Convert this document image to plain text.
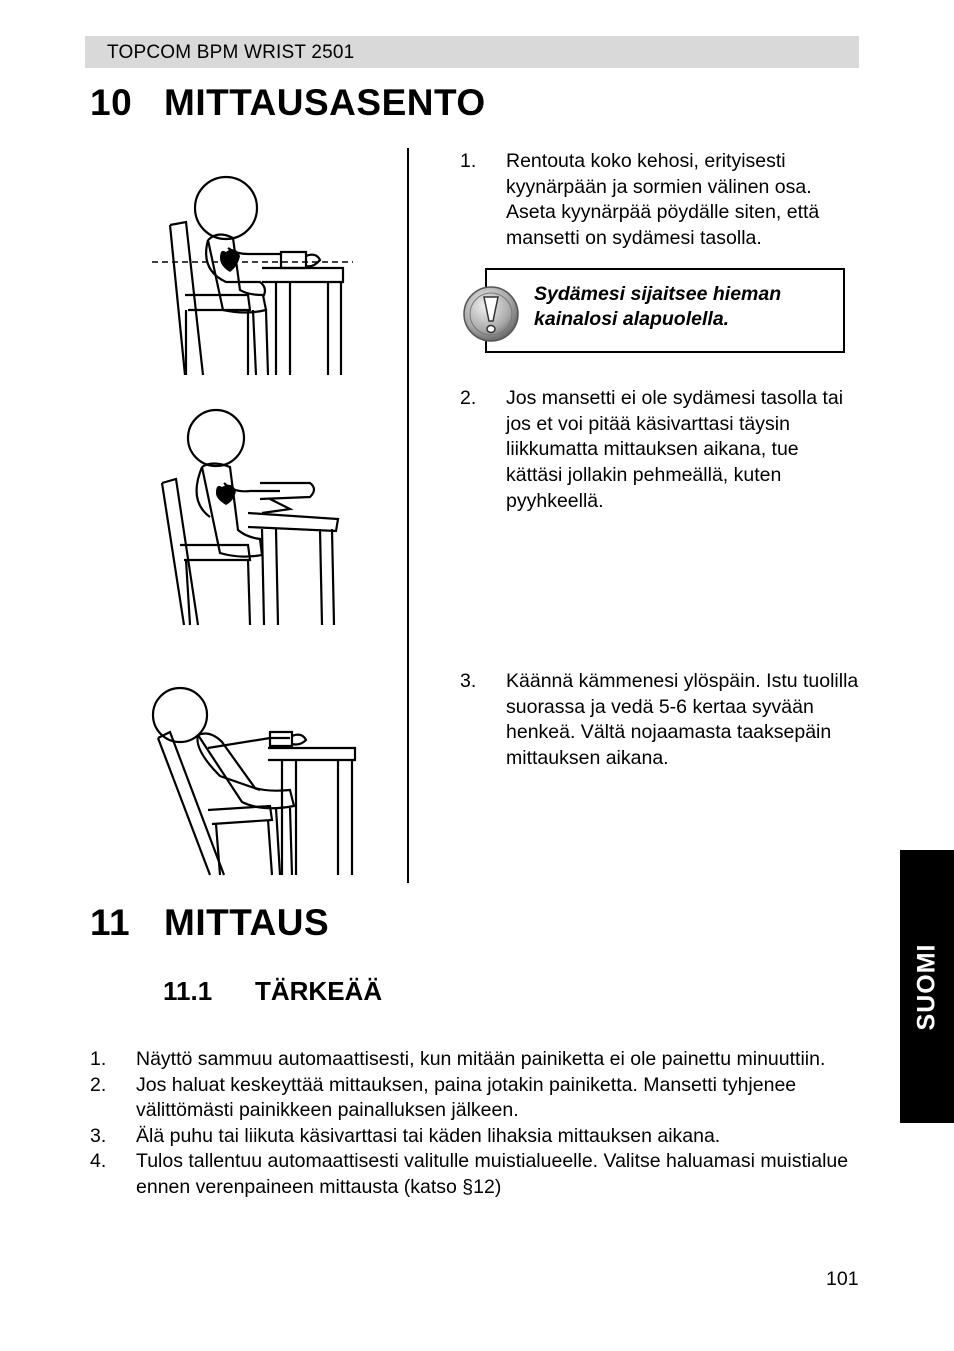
TOPCOM BPM WRIST 2501
10 MITTAUSASENTO
1. Rentouta koko kehosi, erityisesti kyynärpään ja sormien välinen osa. Aseta kyynärpää pöydälle siten, että mansetti on sydämesi tasolla.
Sydämesi sijaitsee hieman kainalosi alapuolella.
2. Jos mansetti ei ole sydämesi tasolla tai jos et voi pitää käsivarttasi täysin liikkumatta mittauksen aikana, tue kättäsi jollakin pehmeällä, kuten pyyhkeellä.
3. Käännä kämmenesi ylöspäin. Istu tuolilla suorassa ja vedä 5-6 kertaa syvään henkeä. Vältä nojaamasta taaksepäin mittauksen aikana.
11 MITTAUS
11.1 TÄRKEÄÄ
1. Näyttö sammuu automaattisesti, kun mitään painiketta ei ole painettu minuuttiin.
2. Jos haluat keskeyttää mittauksen, paina jotakin painiketta. Mansetti tyhjenee välittömästi painikkeen painalluksen jälkeen.
3. Älä puhu tai liikuta käsivarttasi tai käden lihaksia mittauksen aikana.
4. Tulos tallentuu automaattisesti valitulle muistialueelle. Valitse haluamasi muistialue ennen verenpaineen mittausta (katso §12)
SUOMI
101
